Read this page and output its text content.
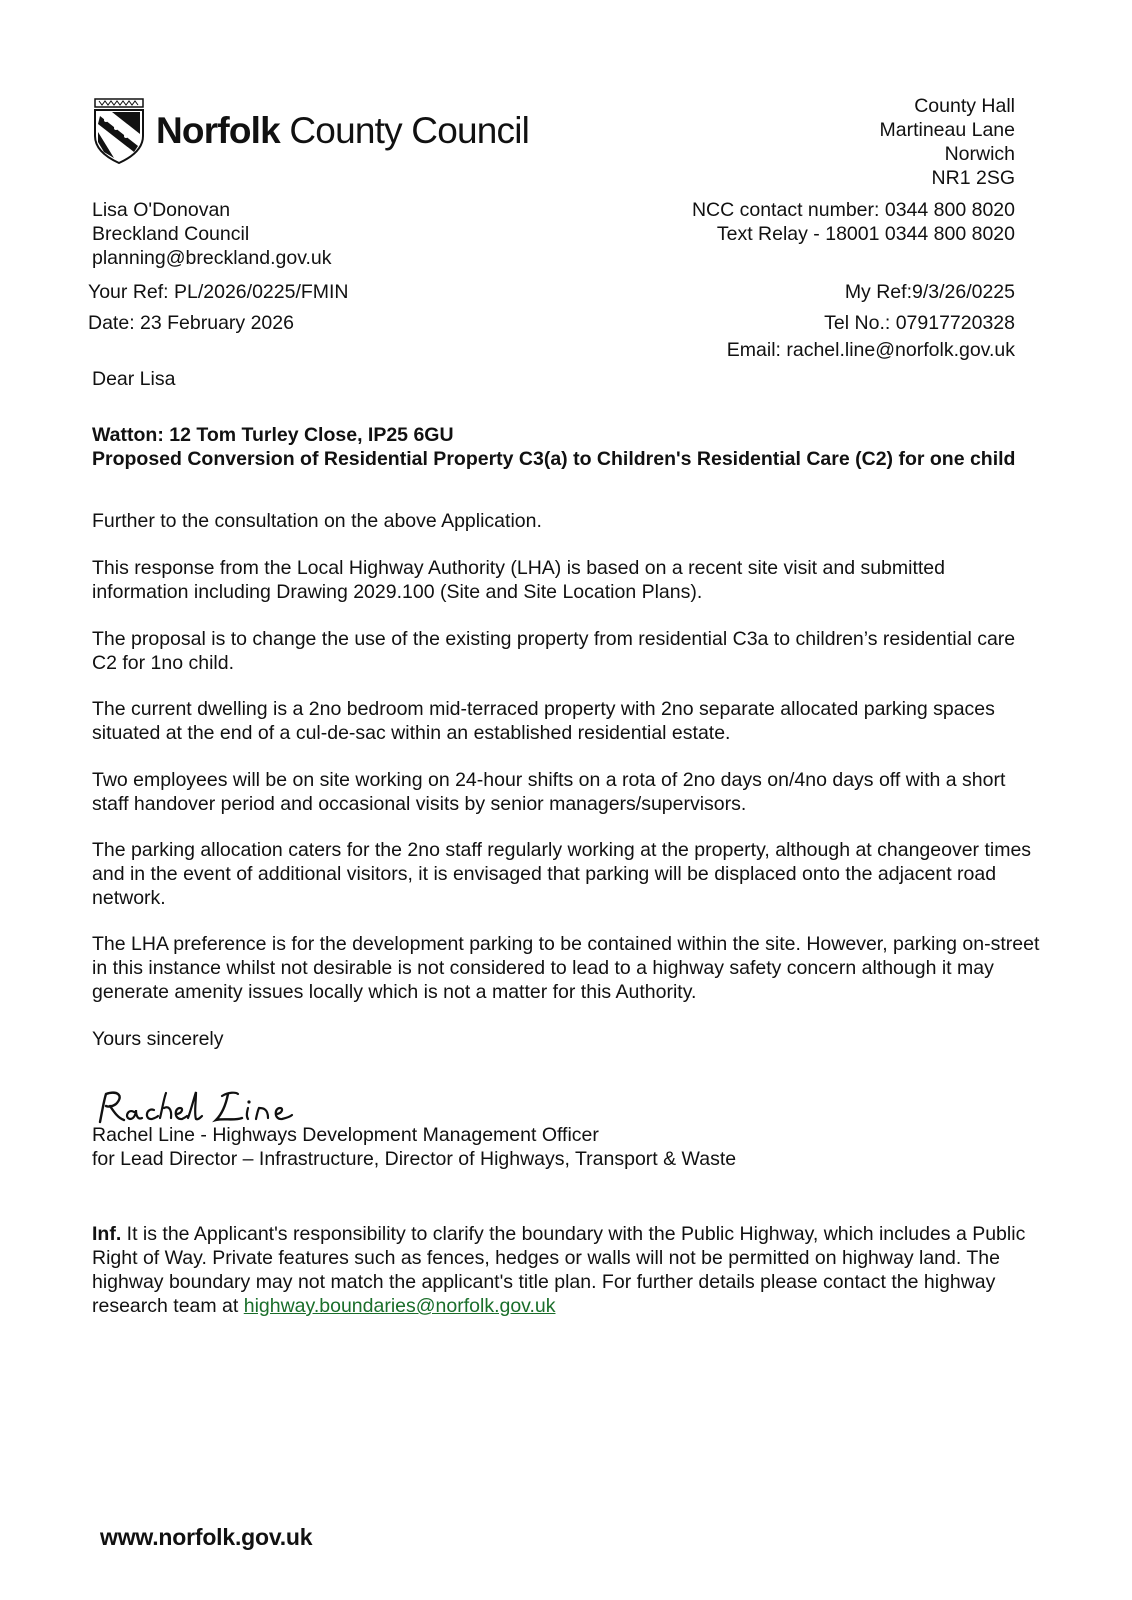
Norfolk County Council
County Hall
Martineau Lane
Norwich
NR1 2SG
Lisa O'Donovan
Breckland Council
planning@breckland.gov.uk
NCC contact number: 0344 800 8020
Text Relay - 18001 0344 800 8020
Your Ref: PL/2026/0225/FMIN
Date: 23 February 2026
My Ref:9/3/26/0225
Tel No.: 07917720328
Email: rachel.line@norfolk.gov.uk
Dear Lisa
Watton: 12 Tom Turley Close, IP25 6GU
Proposed Conversion of Residential Property C3(a) to Children's Residential Care (C2) for one child
Further to the consultation on the above Application.
This response from the Local Highway Authority (LHA) is based on a recent site visit and submitted information including Drawing 2029.100 (Site and Site Location Plans).
The proposal is to change the use of the existing property from residential C3a to children’s residential care C2 for 1no child.
The current dwelling is a 2no bedroom mid-terraced property with 2no separate allocated parking spaces situated at the end of a cul-de-sac within an established residential estate.
Two employees will be on site working on 24-hour shifts on a rota of 2no days on/4no days off with a short staff handover period and occasional visits by senior managers/supervisors.
The parking allocation caters for the 2no staff regularly working at the property, although at changeover times and in the event of additional visitors, it is envisaged that parking will be displaced onto the adjacent road network.
The LHA preference is for the development parking to be contained within the site. However, parking on-street in this instance whilst not desirable is not considered to lead to a highway safety concern although it may generate amenity issues locally which is not a matter for this Authority.
Yours sincerely
Rachel Line - Highways Development Management Officer
for Lead Director – Infrastructure, Director of Highways, Transport & Waste
Inf. It is the Applicant's responsibility to clarify the boundary with the Public Highway, which includes a Public Right of Way. Private features such as fences, hedges or walls will not be permitted on highway land. The highway boundary may not match the applicant's title plan. For further details please contact the highway research team at highway.boundaries@norfolk.gov.uk
www.norfolk.gov.uk
